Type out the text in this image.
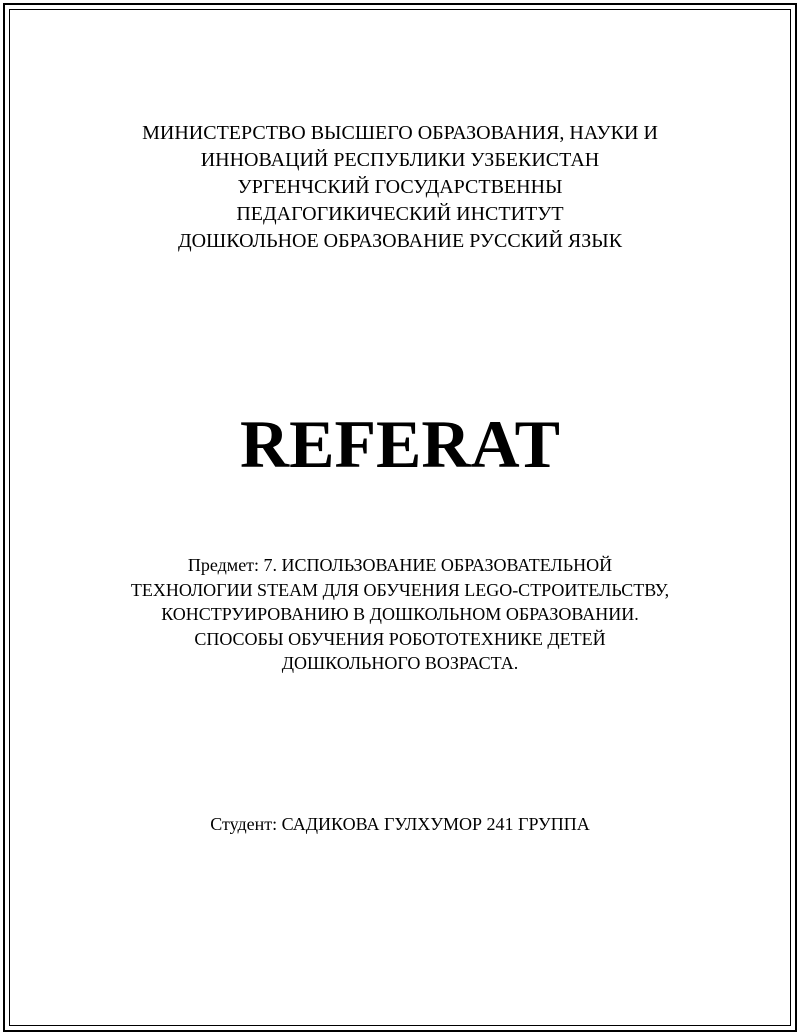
МИНИСТЕРСТВО ВЫСШЕГО ОБРАЗОВАНИЯ, НАУКИ И
ИННОВАЦИЙ РЕСПУБЛИКИ УЗБЕКИСТАН
УРГЕНЧСКИЙ ГОСУДАРСТВЕННЫ
ПЕДАГОГИКИЧЕСКИЙ ИНСТИТУТ
ДОШКОЛЬНОЕ ОБРАЗОВАНИЕ РУССКИЙ ЯЗЫК
REFERAT
Предмет: 7. ИСПОЛЬЗОВАНИЕ ОБРАЗОВАТЕЛЬНОЙ
ТЕХНОЛОГИИ STEAM ДЛЯ ОБУЧЕНИЯ LEGO-СТРОИТЕЛЬСТВУ,
КОНСТРУИРОВАНИЮ В ДОШКОЛЬНОМ ОБРАЗОВАНИИ.
СПОСОБЫ ОБУЧЕНИЯ РОБОТОТЕХНИКЕ ДЕТЕЙ
ДОШКОЛЬНОГО ВОЗРАСТА.
Студент: САДИКОВА ГУЛХУМОР 241 ГРУППА
